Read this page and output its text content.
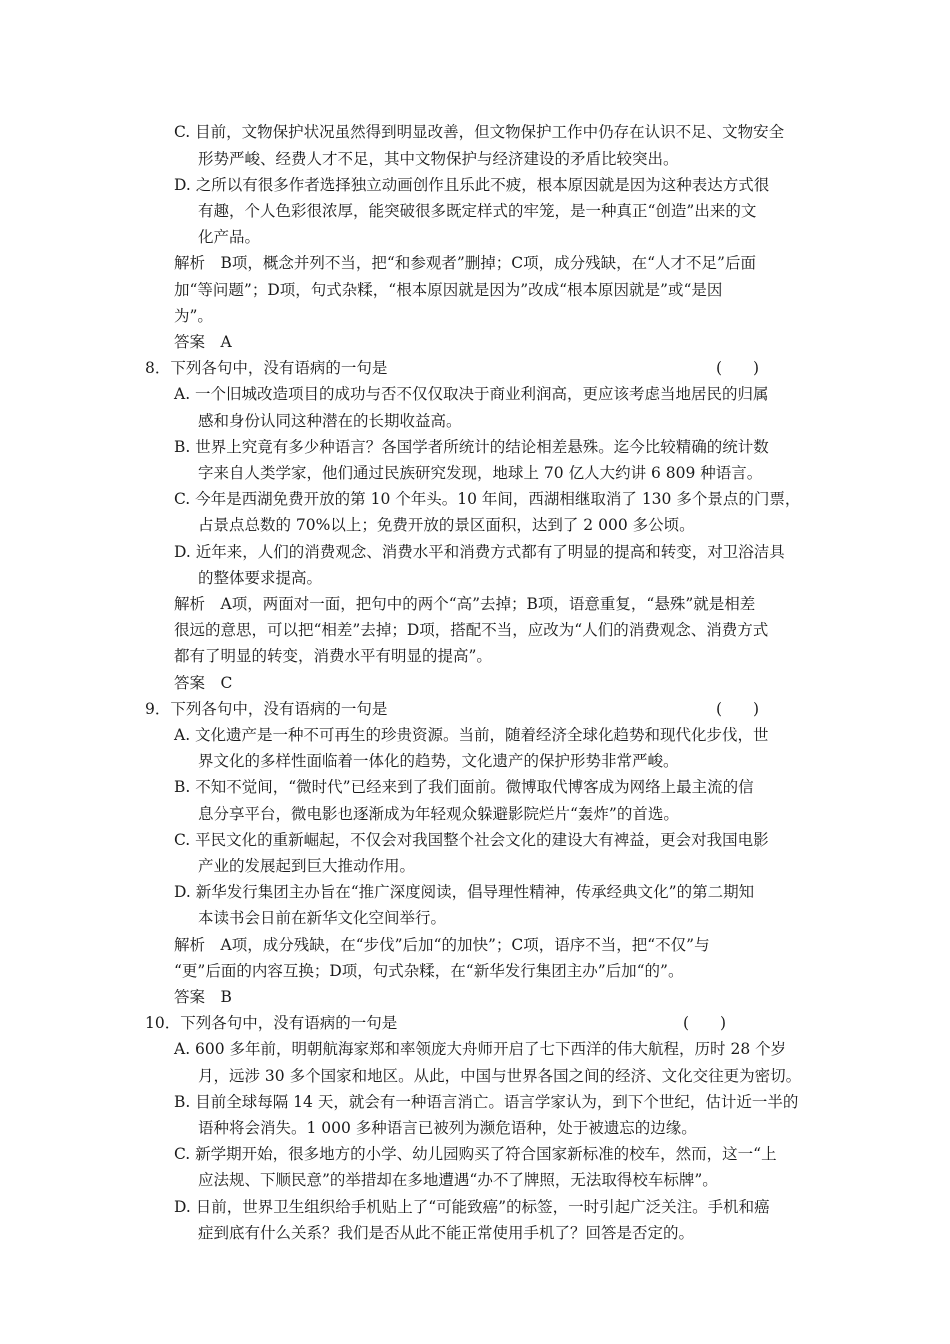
C. 目前，文物保护状况虽然得到明显改善，但文物保护工作中仍存在认识不足、文物安全
形势严峻、经费人才不足，其中文物保护与经济建设的矛盾比较突出。
D. 之所以有很多作者选择独立动画创作且乐此不疲，根本原因就是因为这种表达方式很
有趣，个人色彩很浓厚，能突破很多既定样式的牢笼，是一种真正“创造”出来的文
化产品。
解析　B项，概念并列不当，把“和参观者”删掉；C项，成分残缺，在“人才不足”后面
加“等问题”；D项，句式杂糅，“根本原因就是因为”改成“根本原因就是”或“是因
为”。
答案　A
8．下列各句中，没有语病的一句是	(　　)
A. 一个旧城改造项目的成功与否不仅仅取决于商业利润高，更应该考虑当地居民的归属
感和身份认同这种潜在的长期收益高。
B. 世界上究竟有多少种语言？各国学者所统计的结论相差悬殊。迄今比较精确的统计数
字来自人类学家，他们通过民族研究发现，地球上 70 亿人大约讲 6 809 种语言。
C. 今年是西湖免费开放的第 10 个年头。10 年间，西湖相继取消了 130 多个景点的门票，
占景点总数的 70%以上；免费开放的景区面积，达到了 2 000 多公顷。
D. 近年来，人们的消费观念、消费水平和消费方式都有了明显的提高和转变，对卫浴洁具
的整体要求提高。
解析　A项，两面对一面，把句中的两个“高”去掉；B项，语意重复，“悬殊”就是相差
很远的意思，可以把“相差”去掉；D项，搭配不当，应改为“人们的消费观念、消费方式
都有了明显的转变，消费水平有明显的提高”。
答案　C
9．下列各句中，没有语病的一句是	(　　)
A. 文化遗产是一种不可再生的珍贵资源。当前，随着经济全球化趋势和现代化步伐，世
界文化的多样性面临着一体化的趋势，文化遗产的保护形势非常严峻。
B. 不知不觉间，“微时代”已经来到了我们面前。微博取代博客成为网络上最主流的信
息分享平台，微电影也逐渐成为年轻观众躲避影院烂片“轰炸”的首选。
C. 平民文化的重新崛起，不仅会对我国整个社会文化的建设大有裨益，更会对我国电影
产业的发展起到巨大推动作用。
D. 新华发行集团主办旨在“推广深度阅读，倡导理性精神，传承经典文化”的第二期知
本读书会日前在新华文化空间举行。
解析　A项，成分残缺，在“步伐”后加“的加快”；C项，语序不当，把“不仅”与
“更”后面的内容互换；D项，句式杂糅，在“新华发行集团主办”后加“的”。
答案　B
10．下列各句中，没有语病的一句是	(　　)
A. 600 多年前，明朝航海家郑和率领庞大舟师开启了七下西洋的伟大航程，历时 28 个岁
月，远涉 30 多个国家和地区。从此，中国与世界各国之间的经济、文化交往更为密切。
B. 目前全球每隔 14 天，就会有一种语言消亡。语言学家认为，到下个世纪，估计近一半的
语种将会消失。1 000 多种语言已被列为濒危语种，处于被遗忘的边缘。
C. 新学期开始，很多地方的小学、幼儿园购买了符合国家新标准的校车，然而，这一“上
应法规、下顺民意”的举措却在多地遭遇“办不了牌照，无法取得校车标牌”。
D. 日前，世界卫生组织给手机贴上了“可能致癌”的标签，一时引起广泛关注。手机和癌
症到底有什么关系？我们是否从此不能正常使用手机了？回答是否定的。
